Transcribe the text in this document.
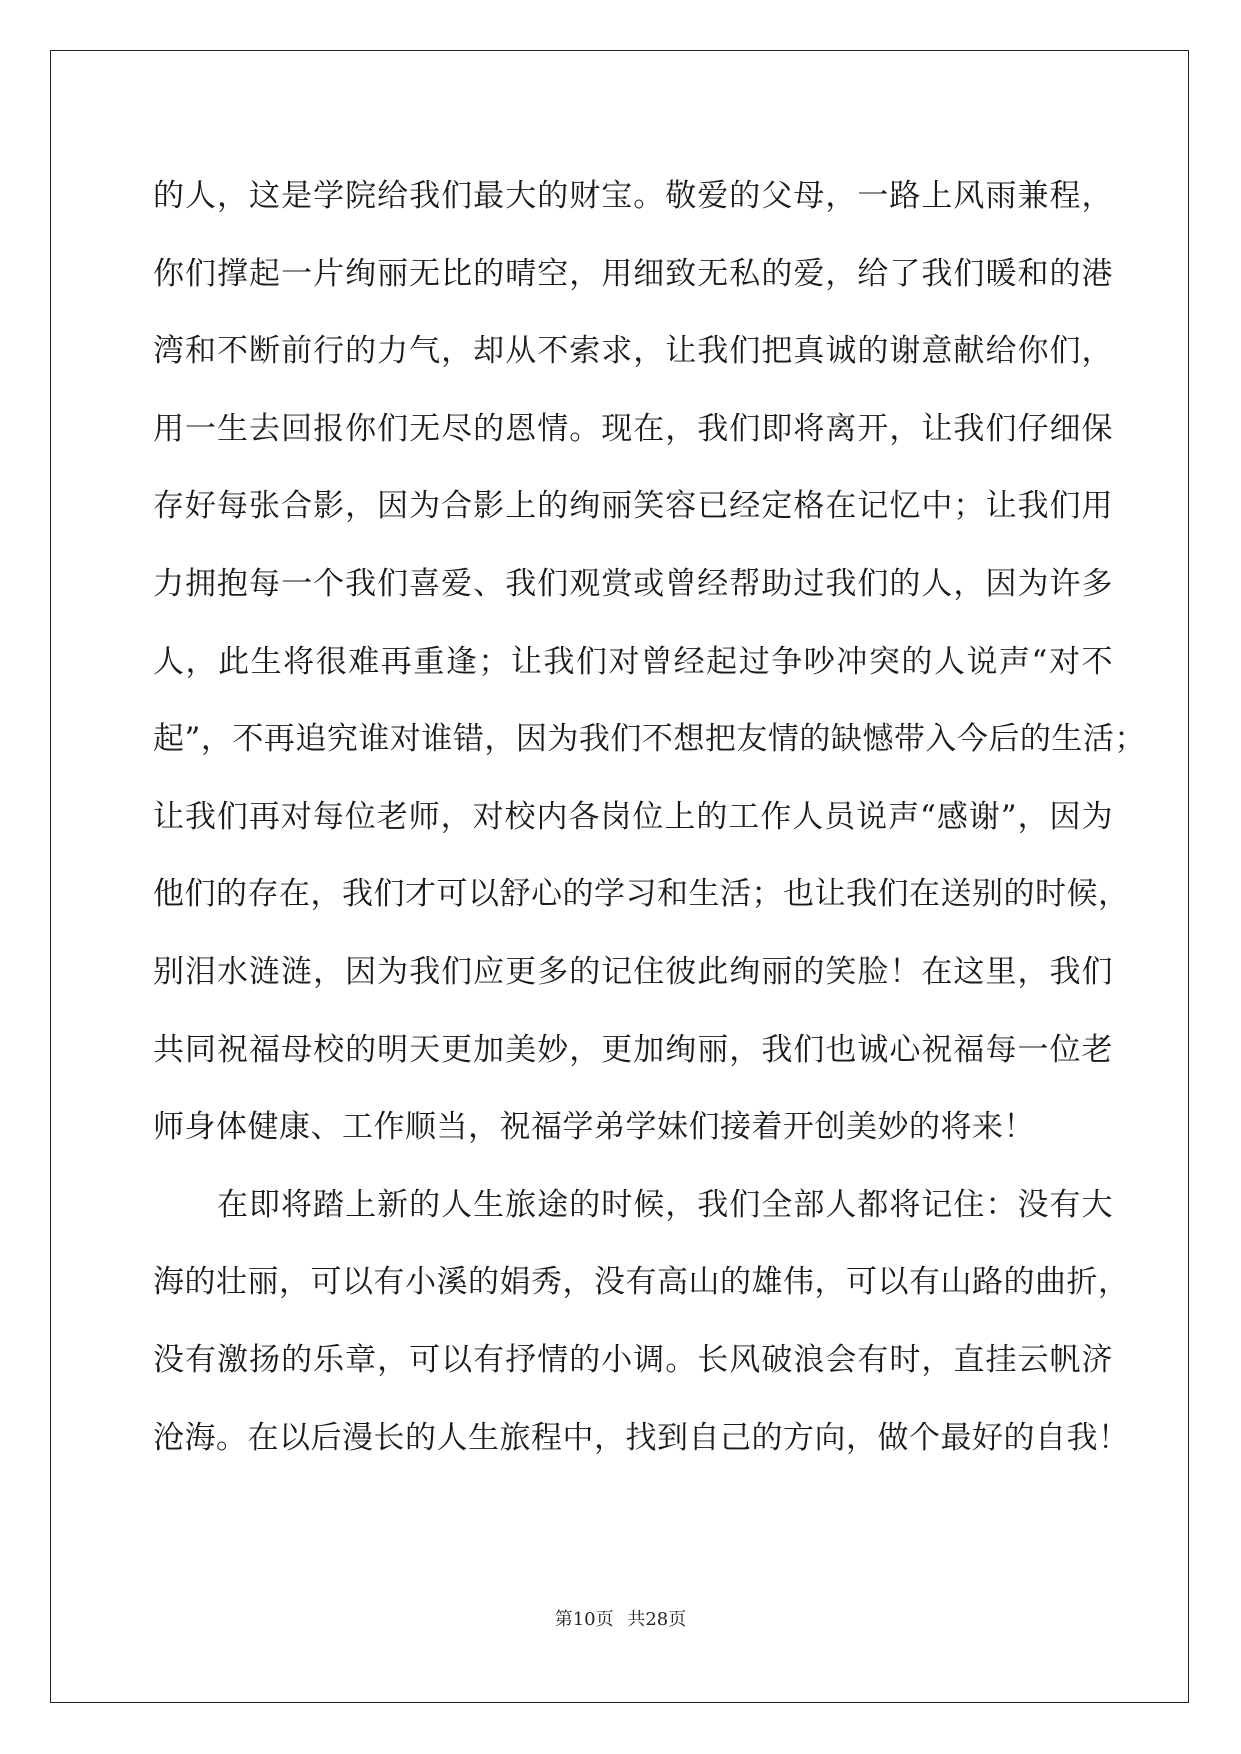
的人，这是学院给我们最大的财宝。敬爱的父母，一路上风雨兼程，
你们撑起一片绚丽无比的晴空，用细致无私的爱，给了我们暖和的港
湾和不断前行的力气，却从不索求，让我们把真诚的谢意献给你们，
用一生去回报你们无尽的恩情。现在，我们即将离开，让我们仔细保
存好每张合影，因为合影上的绚丽笑容已经定格在记忆中；让我们用
力拥抱每一个我们喜爱、我们观赏或曾经帮助过我们的人，因为许多
人，此生将很难再重逢；让我们对曾经起过争吵冲突的人说声“对不
起”，不再追究谁对谁错，因为我们不想把友情的缺憾带入今后的生活；
让我们再对每位老师，对校内各岗位上的工作人员说声“感谢”，因为
他们的存在，我们才可以舒心的学习和生活；也让我们在送别的时候，
别泪水涟涟，因为我们应更多的记住彼此绚丽的笑脸！在这里，我们
共同祝福母校的明天更加美妙，更加绚丽，我们也诚心祝福每一位老
师身体健康、工作顺当，祝福学弟学妹们接着开创美妙的将来！
在即将踏上新的人生旅途的时候，我们全部人都将记住：没有大
海的壮丽，可以有小溪的娟秀，没有高山的雄伟，可以有山路的曲折，
没有激扬的乐章，可以有抒情的小调。长风破浪会有时，直挂云帆济
沧海。在以后漫长的人生旅程中，找到自己的方向，做个最好的自我！
第10页 共28页
